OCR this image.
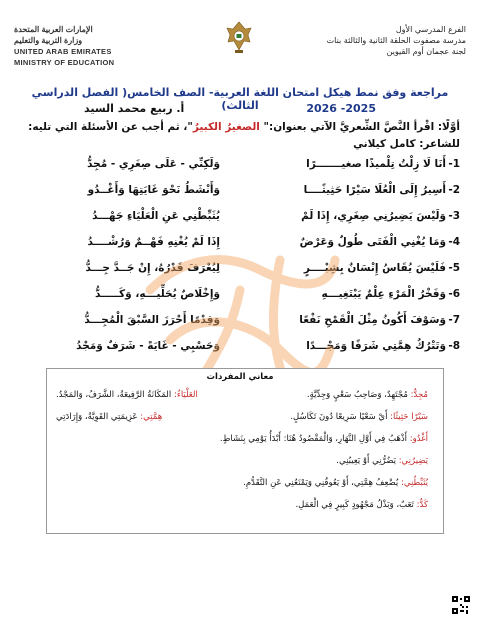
الإمارات العربية المتحدة
وزارة التربية والتعليم
UNITED ARAB EMIRATES
MINISTRY OF EDUCATION
الفرع المدرسي الأول
مدرسة مصفوت الحلقة الثانية والثالثة بنات
لجنة عجمان أوم القيوين
مراجعة وفق نمط هيكل امتحان اللغة العربية- الصف الخامس( الفصل الدراسي الثالث)	2025- 2026
أ. ربيع محمد السيد
أوَّلًا: اقْرأ النَّصَّ الشِّعريَّ الآتي بعنوان:" الصغيرُ الكبيرُ"، ثم أجب عن الأسئلة التي تليه:
للشاعر: كامل كيلاني
1-
أَنَا لَا زِلْتُ تِلْميذًا صغيـــــــرًا
وَلَكِنِّي - عَلَى صِغَرِي - مُجِدُّ
2-
أَسِيرُ إِلَى الْعُلَا سَيْرًا حَثِيثًــــا
وَأَنْشَطُ نَحْوَ غَايَتِهَا وَأَغْــدُو
3-
وَلَيْسَ يَضِيرُنِي صِغَرِي، إِذَا لَمْ
يُثَبِّطْنِي عَنِ الْعَلْيَاءِ جَهْـــدُ
4-
وَمَا يُغْنِي الْفَتَى طُولٌ وَعَرْضٌ
إِذَا لَمْ يُغْنِهِ فَهْــمٌ وَرُشْــــدُ
5-
فَلَيْسَ يُقَاسُ إِنْسَانٌ بِشِبْــــرٍ
لِيُعْرَفَ قَدْرُهُ، إِنْ جَــدَّ جِـــدُّ
6-
وَفَخْرُ الْمَرْءِ عِلْمٌ يَبْتَغِيـــهِ
وَإِخْلَاصٌ يُحَلِّيـــهِ، وَكَـــــدُّ
7-
وَسَوْفَ أَكُونُ مِثْلَ الْقَمْحِ نَفْعًا
وَقِدْمًا أَحْرَزَ السَّبْقَ الْمُجِـــدُّ
8-
وَتَتْرُكُ هِمَّتِي شَرَفًا وَمَجْـــدًا
وَحَسْبِي - غَايَةً - شَرَفٌ وَمَجْدُ
معاني المفردات
مُجِدٌّ: مُجْتَهِدٌ، وَصَاحِبُ سَعْيٍ وَجِدِّيَّةٍ.
سَيْرًا حَثِيثًا: أَيْ سَعْيًا سَرِيعًا دُونَ تَكَاسُلٍ.
أَغْدُو: أَذْهَبُ فِي أَوَّلِ النَّهَارِ، وَالْمَقْصُودُ هُنَا: أَبْدَأُ يَوْمِي بِنَشَاطٍ.
يَضِيرُنِي: يَضُرُّنِي أَوْ يَعِيبُنِي.
يُثَبِّطُنِي: يُضْعِفُ هِمَّتِي، أَوْ يَعُوقُنِي وَيَمْنَعُنِي عَنِ التَّقَدُّمِ.
كَدٌّ: تَعَبٌ، وَبَذْلُ مَجْهُودٍ كَبِيرٍ فِي الْعَمَلِ.
العَلْيَاءُ: المَكَانَةُ الرَّفِيعَةُ، الشَّرَفُ، وَالمَجْدُ.
هِمَّتِي: عَزِيمَتِي القَوِيَّةُ، وَإِرَادَتِي
